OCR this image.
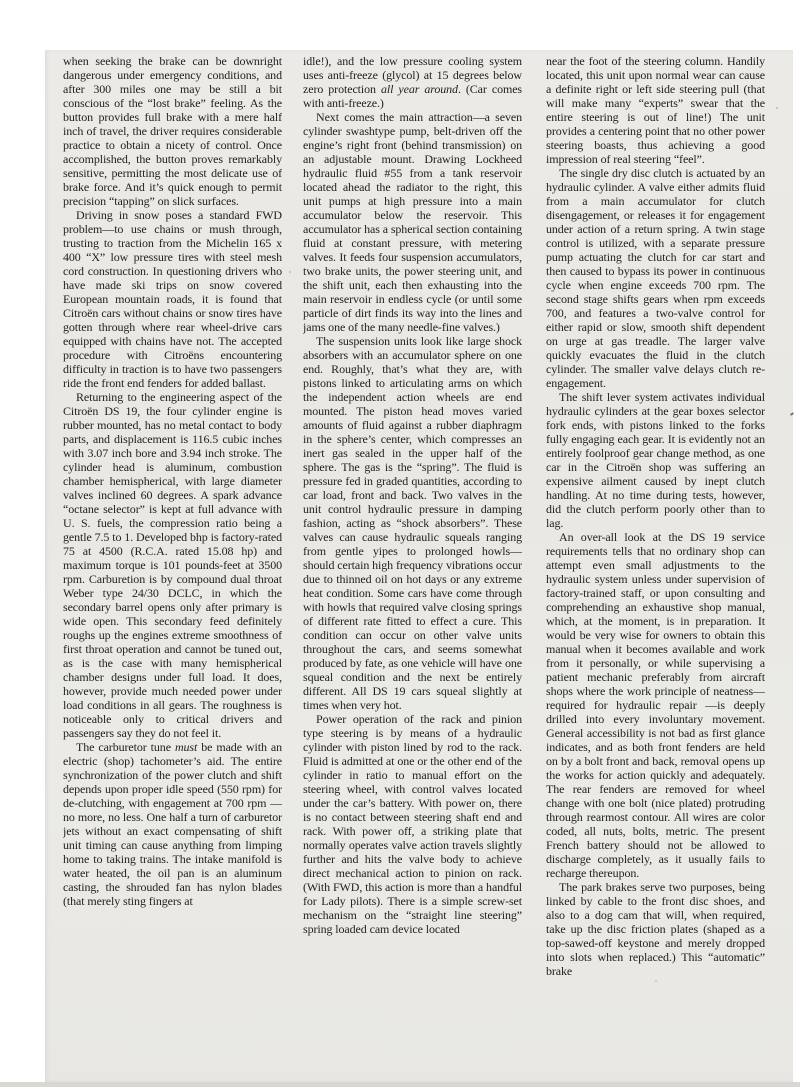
when seeking the brake can be downright dangerous under emergency conditions, and after 300 miles one may be still a bit conscious of the “lost brake” feeling. As the button provides full brake with a mere half inch of travel, the driver requires considerable practice to obtain a nicety of control. Once accomplished, the button proves remarkably sensitive, permitting the most delicate use of brake force. And it’s quick enough to permit precision “tapping” on slick surfaces.

Driving in snow poses a standard FWD problem—to use chains or mush through, trusting to traction from the Michelin 165 x 400 “X” low pressure tires with steel mesh cord construction. In questioning drivers who have made ski trips on snow covered European mountain roads, it is found that Citroën cars without chains or snow tires have gotten through where rear wheel-drive cars equipped with chains have not. The accepted procedure with Citroëns encountering difficulty in traction is to have two passengers ride the front end fenders for added ballast.

Returning to the engineering aspect of the Citroën DS 19, the four cylinder engine is rubber mounted, has no metal contact to body parts, and displacement is 116.5 cubic inches with 3.07 inch bore and 3.94 inch stroke. The cylinder head is aluminum, combustion chamber hemispherical, with large diameter valves inclined 60 degrees. A spark advance “octane selector” is kept at full advance with U. S. fuels, the compression ratio being a gentle 7.5 to 1. Developed bhp is factory-rated 75 at 4500 (R.C.A. rated 15.08 hp) and maximum torque is 101 pounds-feet at 3500 rpm. Carburetion is by compound dual throat Weber type 24/30 DCLC, in which the secondary barrel opens only after primary is wide open. This secondary feed definitely roughs up the engines extreme smoothness of first throat operation and cannot be tuned out, as is the case with many hemispherical chamber designs under full load. It does, however, provide much needed power under load conditions in all gears. The roughness is noticeable only to critical drivers and passengers say they do not feel it.

The carburetor tune must be made with an electric (shop) tachometer’s aid. The entire synchronization of the power clutch and shift depends upon proper idle speed (550 rpm) for de-clutching, with engagement at 700 rpm —no more, no less. One half a turn of carburetor jets without an exact compensating of shift unit timing can cause anything from limping home to taking trains. The intake manifold is water heated, the oil pan is an aluminum casting, the shrouded fan has nylon blades (that merely sting fingers at

idle!), and the low pressure cooling system uses anti-freeze (glycol) at 15 degrees below zero protection all year around. (Car comes with anti-freeze.)

Next comes the main attraction—a seven cylinder swashtype pump, belt-driven off the engine’s right front (behind transmission) on an adjustable mount. Drawing Lockheed hydraulic fluid #55 from a tank reservoir located ahead the radiator to the right, this unit pumps at high pressure into a main accumulator below the reservoir. This accumulator has a spherical section containing fluid at constant pressure, with metering valves. It feeds four suspension accumulators, two brake units, the power steering unit, and the shift unit, each then exhausting into the main reservoir in endless cycle (or until some particle of dirt finds its way into the lines and jams one of the many needle-fine valves.)

The suspension units look like large shock absorbers with an accumulator sphere on one end. Roughly, that’s what they are, with pistons linked to articulating arms on which the independent action wheels are end mounted. The piston head moves varied amounts of fluid against a rubber diaphragm in the sphere’s center, which compresses an inert gas sealed in the upper half of the sphere. The gas is the “spring”. The fluid is pressure fed in graded quantities, according to car load, front and back. Two valves in the unit control hydraulic pressure in damping fashion, acting as “shock absorbers”. These valves can cause hydraulic squeals ranging from gentle yipes to prolonged howls—should certain high frequency vibrations occur due to thinned oil on hot days or any extreme heat condition. Some cars have come through with howls that required valve closing springs of different rate fitted to effect a cure. This condition can occur on other valve units throughout the cars, and seems somewhat produced by fate, as one vehicle will have one squeal condition and the next be entirely different. All DS 19 cars squeal slightly at times when very hot.

Power operation of the rack and pinion type steering is by means of a hydraulic cylinder with piston lined by rod to the rack. Fluid is admitted at one or the other end of the cylinder in ratio to manual effort on the steering wheel, with control valves located under the car’s battery. With power on, there is no contact between steering shaft end and rack. With power off, a striking plate that normally operates valve action travels slightly further and hits the valve body to achieve direct mechanical action to pinion on rack. (With FWD, this action is more than a handful for Lady pilots). There is a simple screw-set mechanism on the “straight line steering” spring loaded cam device located

near the foot of the steering column. Handily located, this unit upon normal wear can cause a definite right or left side steering pull (that will make many “experts” swear that the entire steering is out of line!) The unit provides a centering point that no other power steering boasts, thus achieving a good impression of real steering “feel”.

The single dry disc clutch is actuated by an hydraulic cylinder. A valve either admits fluid from a main accumulator for clutch disengagement, or releases it for engagement under action of a return spring. A twin stage control is utilized, with a separate pressure pump actuating the clutch for car start and then caused to bypass its power in continuous cycle when engine exceeds 700 rpm. The second stage shifts gears when rpm exceeds 700, and features a two-valve control for either rapid or slow, smooth shift dependent on urge at gas treadle. The larger valve quickly evacuates the fluid in the clutch cylinder. The smaller valve delays clutch re-engagement.

The shift lever system activates individual hydraulic cylinders at the gear boxes selector fork ends, with pistons linked to the forks fully engaging each gear. It is evidently not an entirely foolproof gear change method, as one car in the Citroën shop was suffering an expensive ailment caused by inept clutch handling. At no time during tests, however, did the clutch perform poorly other than to lag.

An over-all look at the DS 19 service requirements tells that no ordinary shop can attempt even small adjustments to the hydraulic system unless under supervision of factory-trained staff, or upon consulting and comprehending an exhaustive shop manual, which, at the moment, is in preparation. It would be very wise for owners to obtain this manual when it becomes available and work from it personally, or while supervising a patient mechanic preferably from aircraft shops where the work principle of neatness—required for hydraulic repair —is deeply drilled into every involuntary movement. General accessibility is not bad as first glance indicates, and as both front fenders are held on by a bolt front and back, removal opens up the works for action quickly and adequately. The rear fenders are removed for wheel change with one bolt (nice plated) protruding through rearmost contour. All wires are color coded, all nuts, bolts, metric. The present French battery should not be allowed to discharge completely, as it usually fails to recharge thereupon.

The park brakes serve two purposes, being linked by cable to the front disc shoes, and also to a dog cam that will, when required, take up the disc friction plates (shaped as a top-sawed-off keystone and merely dropped into slots when replaced.) This “automatic” brake
